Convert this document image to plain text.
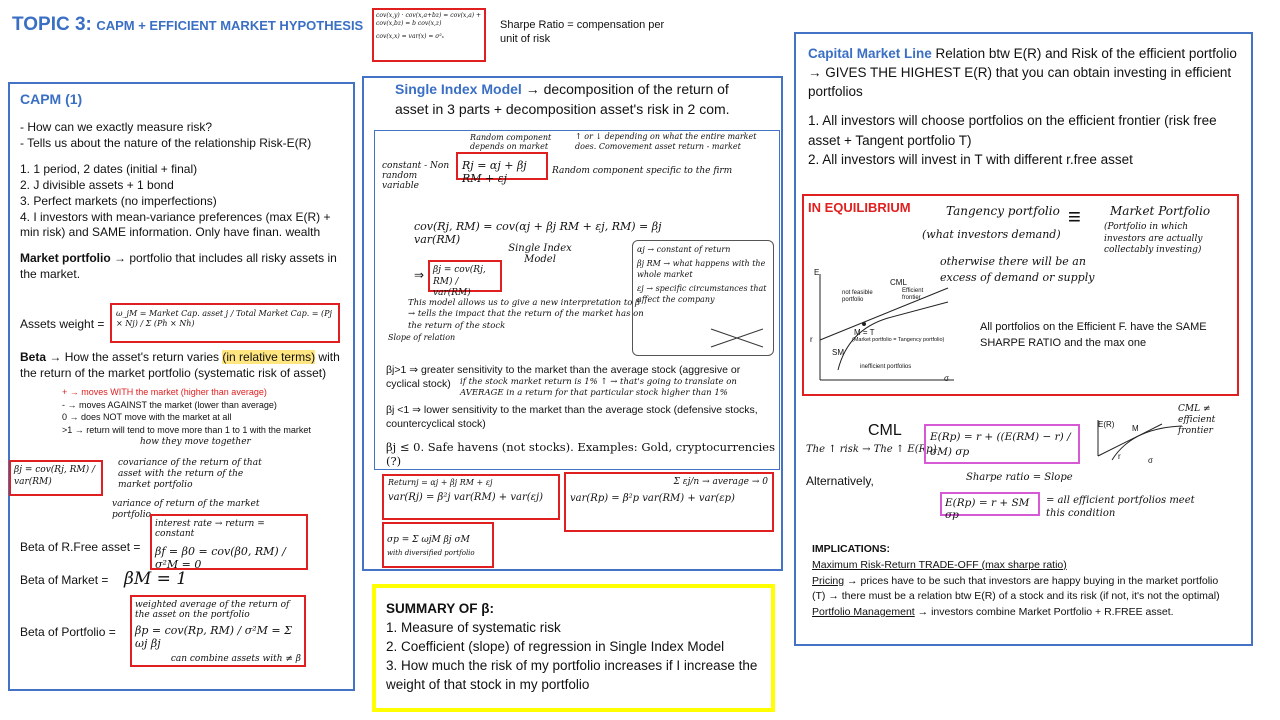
TOPIC 3: CAPM + EFFICIENT MARKET HYPOTHESIS
cov(x,y) · cov(x,a+bz) = cov(x,a) + cov(x,bz) = b cov(x,z)
cov(x,x) = var(x) = σ²ₓ
Sharpe Ratio = compensation per unit of risk

CAPM (1)

- How can we exactly measure risk?

- Tells us about the nature of the relationship Risk-E(R)

1. 1 period, 2 dates (initial + final)

2. J divisible assets + 1 bond

3. Perfect markets (no imperfections)

4. I investors with mean-variance preferences (max E(R) + min risk) and SAME information. Only have finan. wealth

Market portfolio → portfolio that includes all risky assets in the market.

Assets weight =
ω_jM = Market Cap. asset j / Total Market Cap. = (Pj × Nj) / Σ (Ph × Nh)

Beta → How the asset's return varies (in relative terms) with the return of the market portfolio (systematic risk of asset)

+ → moves WITH the market (higher than average)

- → moves AGAINST the market (lower than average)

0 → does NOT move with the market at all

>1 → return will tend to move more than 1 to 1 with the market

how they move together
βj = cov(Rj, RM) / var(RM)
covariance of the return of that asset with the return of the market portfolio
variance of return of the market portfolio
Beta of R.Free asset =
interest rate → return = constant
βf = β0 = cov(β0, RM) / σ²M = 0
Beta of Market = βM = 1
Beta of Portfolio =
weighted average of the return of the asset on the portfolio
βp = cov(Rp, RM) / σ²M = Σ ωj βj
can combine assets with ≠ β
Single Index Model → decomposition of the return of asset in 3 parts + decomposition asset's risk in 2 com.
Random component depends on market
↑ or ↓ depending on what the entire market does. Comovement asset return - market
constant - Non random variable
Rj = αj + βj RM + εj
Random component specific to the firm
cov(Rj, RM) = cov(αj + βj RM + εj, RM) = βj var(RM)
Single Index Model
⇒ βj = cov(Rj, RM) / var(RM)
This model allows us to give a new interpretation to β → tells the impact that the return of the market has on the return of the stock
Slope of relation
αj → constant of return
βj RM → what happens with the whole market
εj → specific circumstances that affect the company
βj>1 ⇒ greater sensitivity to the market than the average stock (aggresive or cyclical stock)	if the stock market return is 1% ↑ → that's going to translate on AVERAGE in a return for that particular stock higher than 1%
βj <1 ⇒ lower sensitivity to the market than the average stock (defensive stocks, countercyclical stock)
βj ≤ 0. Safe havens (not stocks). Examples: Gold, cryptocurrencies (?)
Returnj = αj + βj RM + εj
var(Rj) = β²j var(RM) + var(εj)
Σ εj/n → average → 0
var(Rp) = β²p var(RM) + var(εp)
σp = Σ ωjM βj σM
with diversified portfolio

SUMMARY OF β:

1. Measure of systematic risk

2. Coefficient (slope) of regression in Single Index Model

3. How much the risk of my portfolio increases if I increase the weight of that stock in my portfolio

Capital Market Line Relation btw E(R) and Risk of the efficient portfolio → GIVES THE HIGHEST E(R) that you can obtain investing in efficient portfolios

1. All investors will choose portfolios on the efficient frontier (risk free asset + Tangent portfolio T)

2. All investors will invest in T with different r.free asset

IN EQUILIBRIUM	Tangency portfolio
(what investors demand)
≡ Market Portfolio
(Portfolio in which investors are actually collectably investing)
otherwise there will be an excess of demand or supply
E
CML
Efficient frontier
not feasible portfolio
M = T
(Market portfolio = Tangency portfolio)
r
SM
inefficient portfolios
σ
All portfolios on the Efficient F. have the SAME SHARPE RATIO and the max one
CML
The ↑ risk → The ↑ E(Rp)
E(Rp) = r + ((E(RM) − r) / σM) σp
CML ≠ efficient frontier
E(R) M
r	σ
Sharpe ratio = Slope
Alternatively,
E(Rp) = r + SM σp
= all efficient portfolios meet this condition

IMPLICATIONS:

Maximum Risk-Return TRADE-OFF (max sharpe ratio)

Pricing → prices have to be such that investors are happy buying in the market portfolio (T) → there must be a relation btw E(R) of a stock and its risk (if not, it's not the optimal)

Portfolio Management → investors combine Market Portfolio + R.FREE asset.
